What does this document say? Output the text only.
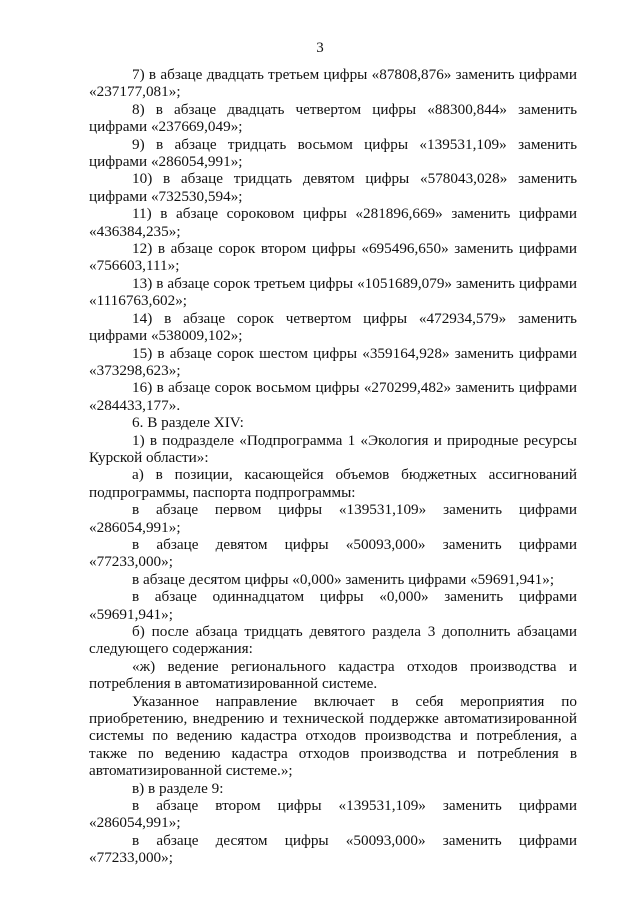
3

7) в абзаце двадцать третьем цифры «87808,876» заменить цифрами «237177,081»;

8) в абзаце двадцать четвертом цифры «88300,844» заменить цифрами «237669,049»;

9) в абзаце тридцать восьмом цифры «139531,109» заменить цифрами «286054,991»;

10) в абзаце тридцать девятом цифры «578043,028» заменить цифрами «732530,594»;

11) в абзаце сороковом цифры «281896,669» заменить цифрами «436384,235»;

12) в абзаце сорок втором цифры «695496,650» заменить цифрами «756603,111»;

13) в абзаце сорок третьем цифры «1051689,079» заменить цифрами «1116763,602»;

14) в абзаце сорок четвертом цифры «472934,579» заменить цифрами «538009,102»;

15) в абзаце сорок шестом цифры «359164,928» заменить цифрами «373298,623»;

16) в абзаце сорок восьмом цифры «270299,482» заменить цифрами «284433,177».

6. В разделе XIV:

1) в подразделе «Подпрограмма 1 «Экология и природные ресурсы Курской области»:

а) в позиции, касающейся объемов бюджетных ассигнований подпрограммы, паспорта подпрограммы:

в абзаце первом цифры «139531,109» заменить цифрами «286054,991»;

в абзаце девятом цифры «50093,000» заменить цифрами «77233,000»;

в абзаце десятом цифры «0,000» заменить цифрами «59691,941»;

в абзаце одиннадцатом цифры «0,000» заменить цифрами «59691,941»;

б) после абзаца тридцать девятого раздела 3 дополнить абзацами следующего содержания:

«ж) ведение регионального кадастра отходов производства и потребления в автоматизированной системе.

Указанное направление включает в себя мероприятия по приобретению, внедрению и технической поддержке автоматизированной системы по ведению кадастра отходов производства и потребления, а также по ведению кадастра отходов производства и потребления в автоматизированной системе.»;

в) в разделе 9:

в абзаце втором цифры «139531,109» заменить цифрами «286054,991»;

в абзаце десятом цифры «50093,000» заменить цифрами «77233,000»;
